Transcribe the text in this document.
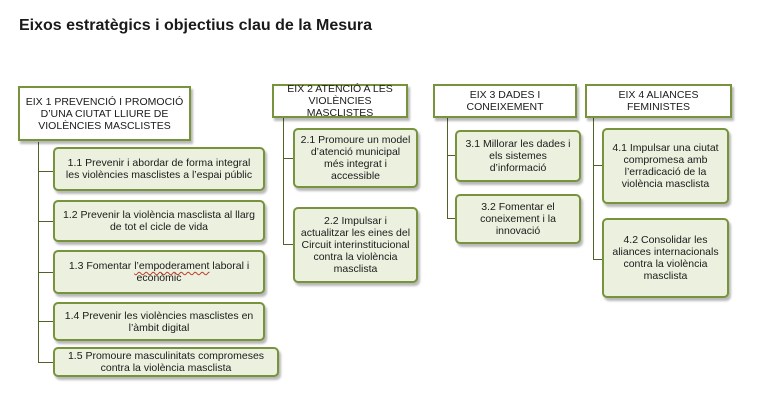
Eixos estratègics i objectius clau de la Mesura
EIX 1 PREVENCIÓ I PROMOCIÓ D’UNA CIUTAT LLIURE DE VIOLÈNCIES MASCLISTES
EIX 2 ATENCIÓ A LES VIOLÈNCIES MASCLISTES
EIX 3 DADES I CONEIXEMENT
EIX 4 ALIANCES FEMINISTES
1.1 Prevenir i abordar de forma integral les violències masclistes a l’espai públic
1.2 Prevenir la violència masclista al llarg de tot el cicle de vida
1.3 Fomentar l’empoderament laboral i econòmic
1.4 Prevenir les violències masclistes en l’àmbit digital
1.5 Promoure masculinitats compromeses contra la violència masclista
2.1 Promoure un model d’atenció municipal més integrat i accessible
2.2 Impulsar i actualitzar les eines del Circuit interinstitucional contra la violència masclista
3.1 Millorar les dades i els sistemes d’informació
3.2 Fomentar el coneixement i la innovació
4.1 Impulsar una ciutat compromesa amb l’erradicació de la violència masclista
4.2 Consolidar les aliances internacionals contra la violència masclista
